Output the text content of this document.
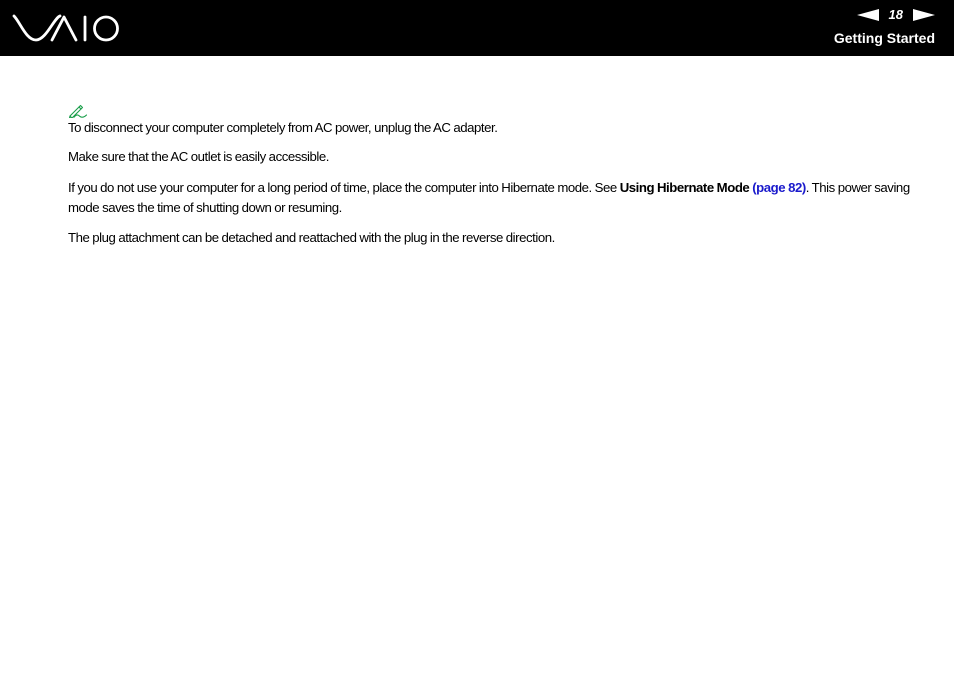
18
Getting Started

To disconnect your computer completely from AC power, unplug the AC adapter.

Make sure that the AC outlet is easily accessible.

If you do not use your computer for a long period of time, place the computer into Hibernate mode. See Using Hibernate Mode (page 82). This power saving mode saves the time of shutting down or resuming.

The plug attachment can be detached and reattached with the plug in the reverse direction.
